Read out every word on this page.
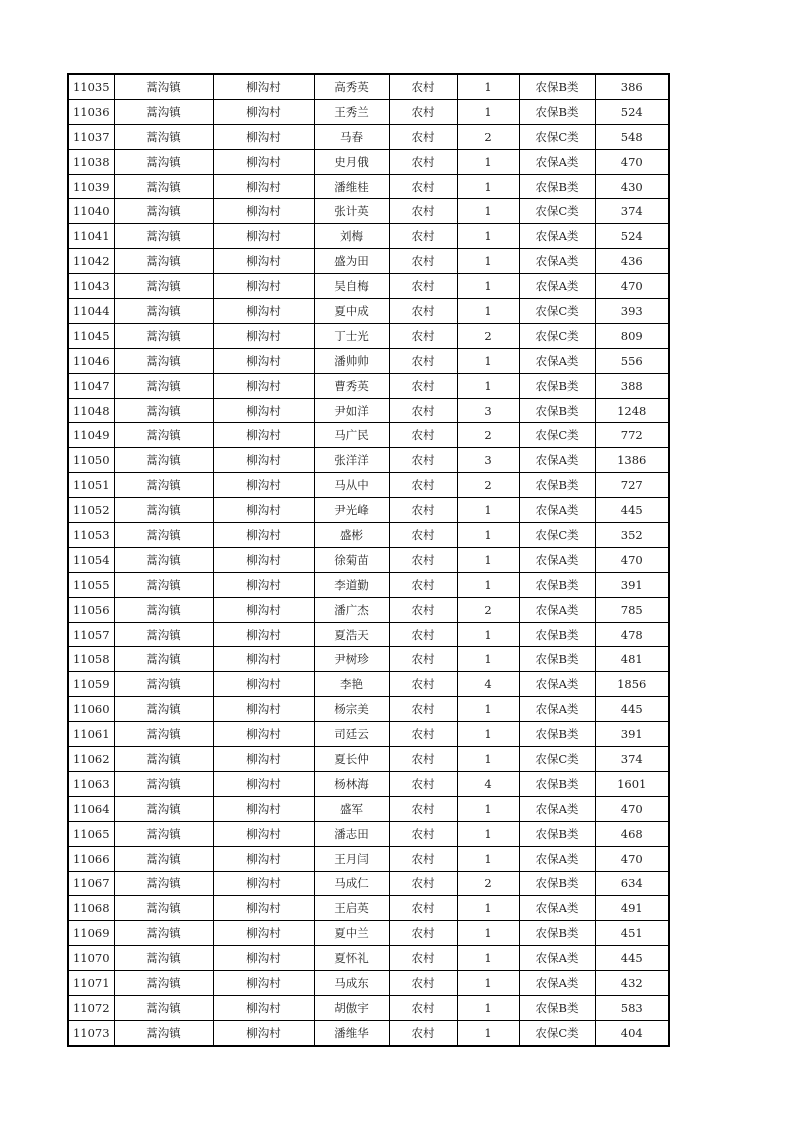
11035	蒿沟镇	柳沟村	高秀英	农村	1	农保B类	386
11036	蒿沟镇	柳沟村	王秀兰	农村	1	农保B类	524
11037	蒿沟镇	柳沟村	马春	农村	2	农保C类	548
11038	蒿沟镇	柳沟村	史月俄	农村	1	农保A类	470
11039	蒿沟镇	柳沟村	潘维桂	农村	1	农保B类	430
11040	蒿沟镇	柳沟村	张计英	农村	1	农保C类	374
11041	蒿沟镇	柳沟村	刘梅	农村	1	农保A类	524
11042	蒿沟镇	柳沟村	盛为田	农村	1	农保A类	436
11043	蒿沟镇	柳沟村	吴自梅	农村	1	农保A类	470
11044	蒿沟镇	柳沟村	夏中成	农村	1	农保C类	393
11045	蒿沟镇	柳沟村	丁士光	农村	2	农保C类	809
11046	蒿沟镇	柳沟村	潘帅帅	农村	1	农保A类	556
11047	蒿沟镇	柳沟村	曹秀英	农村	1	农保B类	388
11048	蒿沟镇	柳沟村	尹如洋	农村	3	农保B类	1248
11049	蒿沟镇	柳沟村	马广民	农村	2	农保C类	772
11050	蒿沟镇	柳沟村	张洋洋	农村	3	农保A类	1386
11051	蒿沟镇	柳沟村	马从中	农村	2	农保B类	727
11052	蒿沟镇	柳沟村	尹光峰	农村	1	农保A类	445
11053	蒿沟镇	柳沟村	盛彬	农村	1	农保C类	352
11054	蒿沟镇	柳沟村	徐菊苗	农村	1	农保A类	470
11055	蒿沟镇	柳沟村	李道勤	农村	1	农保B类	391
11056	蒿沟镇	柳沟村	潘广杰	农村	2	农保A类	785
11057	蒿沟镇	柳沟村	夏浩天	农村	1	农保B类	478
11058	蒿沟镇	柳沟村	尹树珍	农村	1	农保B类	481
11059	蒿沟镇	柳沟村	李艳	农村	4	农保A类	1856
11060	蒿沟镇	柳沟村	杨宗美	农村	1	农保A类	445
11061	蒿沟镇	柳沟村	司廷云	农村	1	农保B类	391
11062	蒿沟镇	柳沟村	夏长仲	农村	1	农保C类	374
11063	蒿沟镇	柳沟村	杨林海	农村	4	农保B类	1601
11064	蒿沟镇	柳沟村	盛军	农村	1	农保A类	470
11065	蒿沟镇	柳沟村	潘志田	农村	1	农保B类	468
11066	蒿沟镇	柳沟村	王月闫	农村	1	农保A类	470
11067	蒿沟镇	柳沟村	马成仁	农村	2	农保B类	634
11068	蒿沟镇	柳沟村	王启英	农村	1	农保A类	491
11069	蒿沟镇	柳沟村	夏中兰	农村	1	农保B类	451
11070	蒿沟镇	柳沟村	夏怀礼	农村	1	农保A类	445
11071	蒿沟镇	柳沟村	马成东	农村	1	农保A类	432
11072	蒿沟镇	柳沟村	胡傲宇	农村	1	农保B类	583
11073	蒿沟镇	柳沟村	潘维华	农村	1	农保C类	404
